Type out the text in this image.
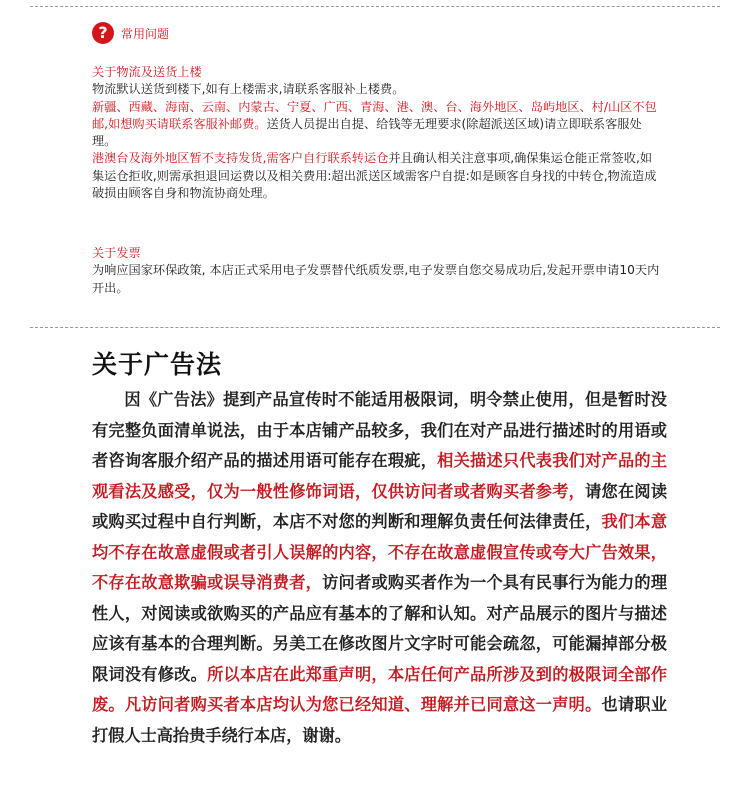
?	常用问题
关于物流及送货上楼
物流默认送货到楼下,如有上楼需求,请联系客服补上楼费。
新疆、西藏、海南、云南、内蒙古、宁夏、广西、青海、港、澳、台、海外地区、岛屿地区、村/山区不包邮,如想购买请联系客服补邮费。送货人员提出自提、给钱等无理要求(除超派送区域)请立即联系客服处理。
港澳台及海外地区暂不支持发货,需客户自行联系转运仓并且确认相关注意事项,确保集运仓能正常签收,如集运仓拒收,则需承担退回运费以及相关费用:超出派送区域需客户自提:如是顾客自身找的中转仓,物流造成破损由顾客自身和物流协商处理。
关于发票
为响应国家环保政策, 本店正式采用电子发票替代纸质发票,电子发票自您交易成功后,发起开票申请10天内开出。
关于广告法
因《广告法》提到产品宣传时不能适用极限词，明令禁止使用，但是暂时没有完整负面清单说法，由于本店铺产品较多，我们在对产品进行描述时的用语或者咨询客服介绍产品的描述用语可能存在瑕疵，相关描述只代表我们对产品的主观看法及感受，仅为一般性修饰词语，仅供访问者或者购买者参考，请您在阅读或购买过程中自行判断，本店不对您的判断和理解负责任何法律责任，我们本意均不存在故意虚假或者引人误解的内容，不存在故意虚假宣传或夸大广告效果，不存在故意欺骗或误导消费者，访问者或购买者作为一个具有民事行为能力的理性人，对阅读或欲购买的产品应有基本的了解和认知。对产品展示的图片与描述应该有基本的合理判断。另美工在修改图片文字时可能会疏忽，可能漏掉部分极限词没有修改。所以本店在此郑重声明，本店任何产品所涉及到的极限词全部作废。凡访问者购买者本店均认为您已经知道、理解并已同意这一声明。也请职业打假人士高抬贵手绕行本店，谢谢。
